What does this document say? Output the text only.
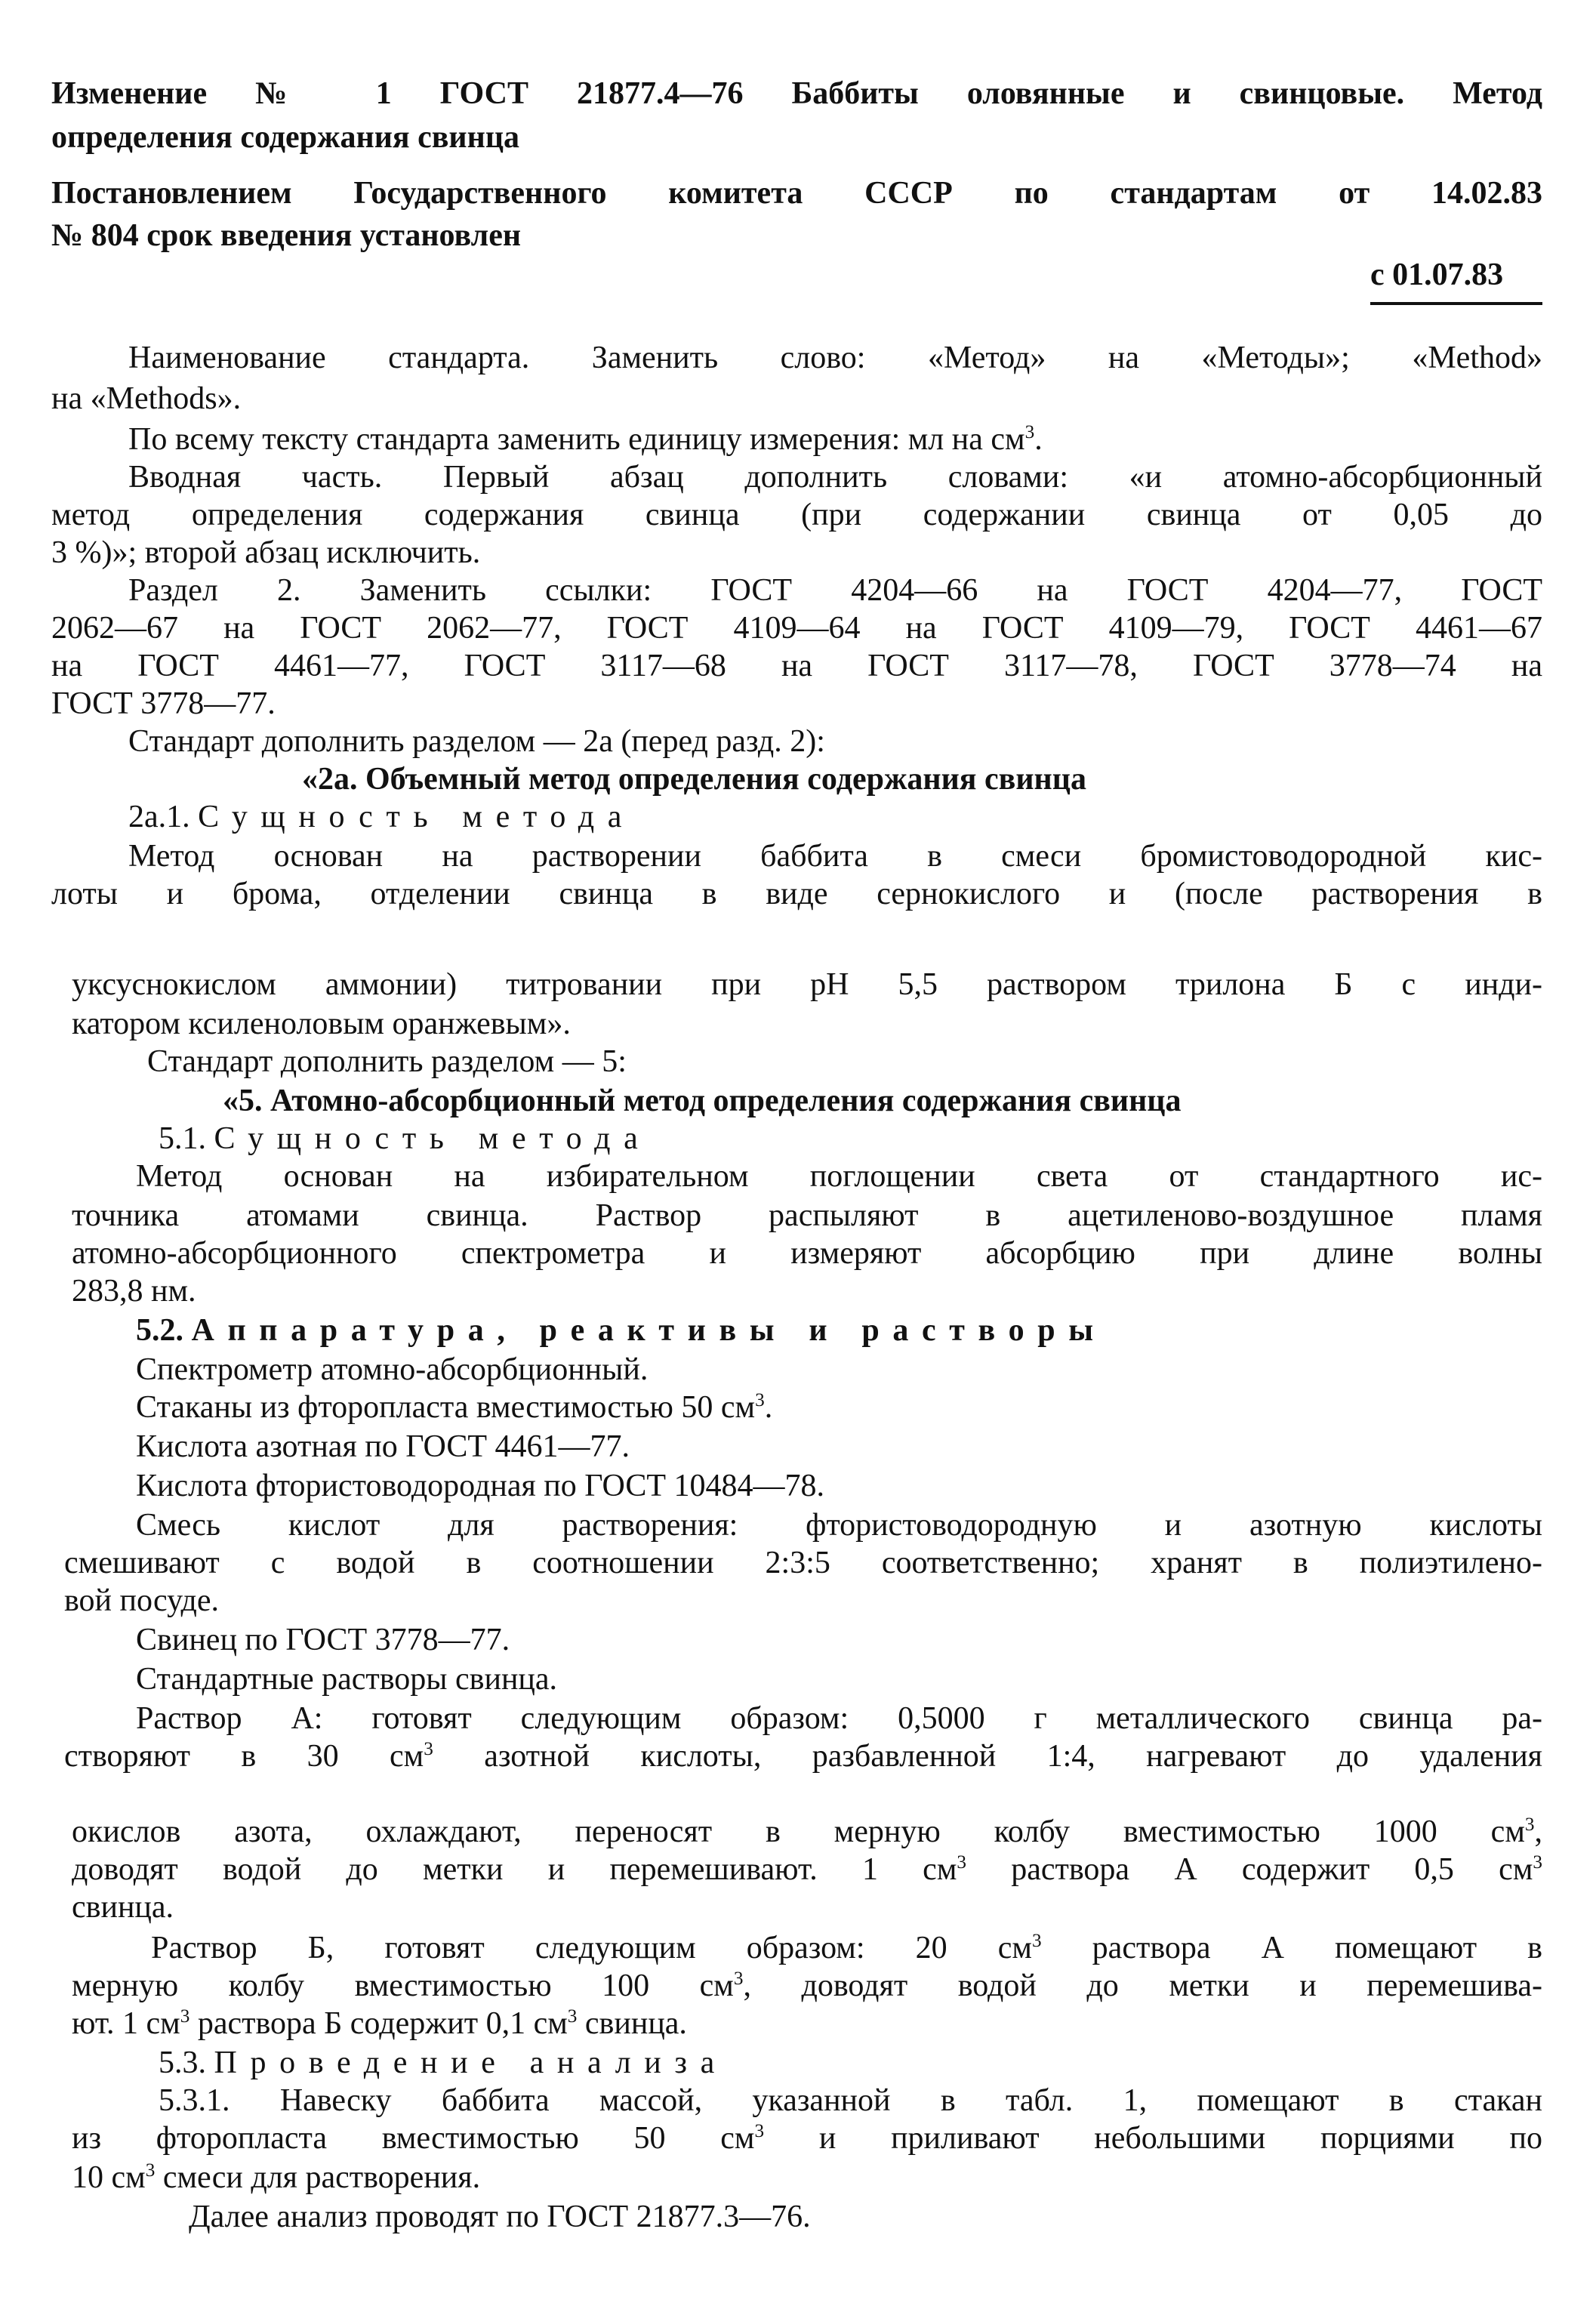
Изменение № 1 ГОСТ 21877.4—76 Баббиты оловянные и свинцовые. Метод
определения содержания свинца
Постановлением Государственного комитета СССР по стандартам от 14.02.83
№ 804 срок введения установлен
с 01.07.83
Наименование стандарта. Заменить слово: «Метод» на «Методы»; «Method»
на «Methods».
По всему тексту стандарта заменить единицу измерения: мл на $см^3$.
Вводная часть. Первый абзац дополнить словами: «и атомно-абсорбционный
метод определения содержания свинца (при содержании свинца от 0,05 до
3 %)»; второй абзац исключить.
Раздел 2. Заменить ссылки: ГОСТ 4204—66 на ГОСТ 4204—77, ГОСТ
2062—67 на ГОСТ 2062—77, ГОСТ 4109—64 на ГОСТ 4109—79, ГОСТ 4461—67
на ГОСТ 4461—77, ГОСТ 3117—68 на ГОСТ 3117—78, ГОСТ 3778—74 на
ГОСТ 3778—77.
Стандарт дополнить разделом — 2а (перед разд. 2):
«2а. Объемный метод определения содержания свинца
2а.1. Сущность метода
Метод основан на растворении баббита в смеси бромистоводородной кис-
лоты и брома, отделении свинца в виде сернокислого и (после растворения в
уксуснокислом аммонии) титровании при рН 5,5 раствором трилона Б с инди-
катором ксиленоловым оранжевым».
Стандарт дополнить разделом — 5:
«5. Атомно-абсорбционный метод определения содержания свинца
5.1. Сущность метода
Метод основан на избирательном поглощении света от стандартного ис-
точника атомами свинца. Раствор распыляют в ацетиленово-воздушное пламя
атомно-абсорбционного спектрометра и измеряют абсорбцию при длине волны
283,8 нм.
5.2. Аппаратура, реактивы и растворы
Спектрометр атомно-абсорбционный.
Стаканы из фторопласта вместимостью 50 $см^3$.
Кислота азотная по ГОСТ 4461—77.
Кислота фтористоводородная по ГОСТ 10484—78.
Смесь кислот для растворения: фтористоводородную и азотную кислоты
смешивают с водой в соотношении 2:3:5 соответственно; хранят в полиэтилено-
вой посуде.
Свинец по ГОСТ 3778—77.
Стандартные растворы свинца.
Раствор А: готовят следующим образом: 0,5000 г металлического свинца ра-
створяют в 30 $см^3$ азотной кислоты, разбавленной 1:4, нагревают до удаления
окислов азота, охлаждают, переносят в мерную колбу вместимостью 1000 $см^3$,
доводят водой до метки и перемешивают. 1 $см^3$ раствора А содержит 0,5 $см^3$
свинца.
Раствор Б, готовят следующим образом: 20 $см^3$ раствора А помещают в
мерную колбу вместимостью 100 $см^3$, доводят водой до метки и перемешива-
ют. 1 $см^3$ раствора Б содержит 0,1 $см^3$ свинца.
5.3. Проведение анализа
5.3.1. Навеску баббита массой, указанной в табл. 1, помещают в стакан
из фторопласта вместимостью 50 $см^3$ и приливают небольшими порциями по
10 $см^3$ смеси для растворения.
Далее анализ проводят по ГОСТ 21877.3—76.
